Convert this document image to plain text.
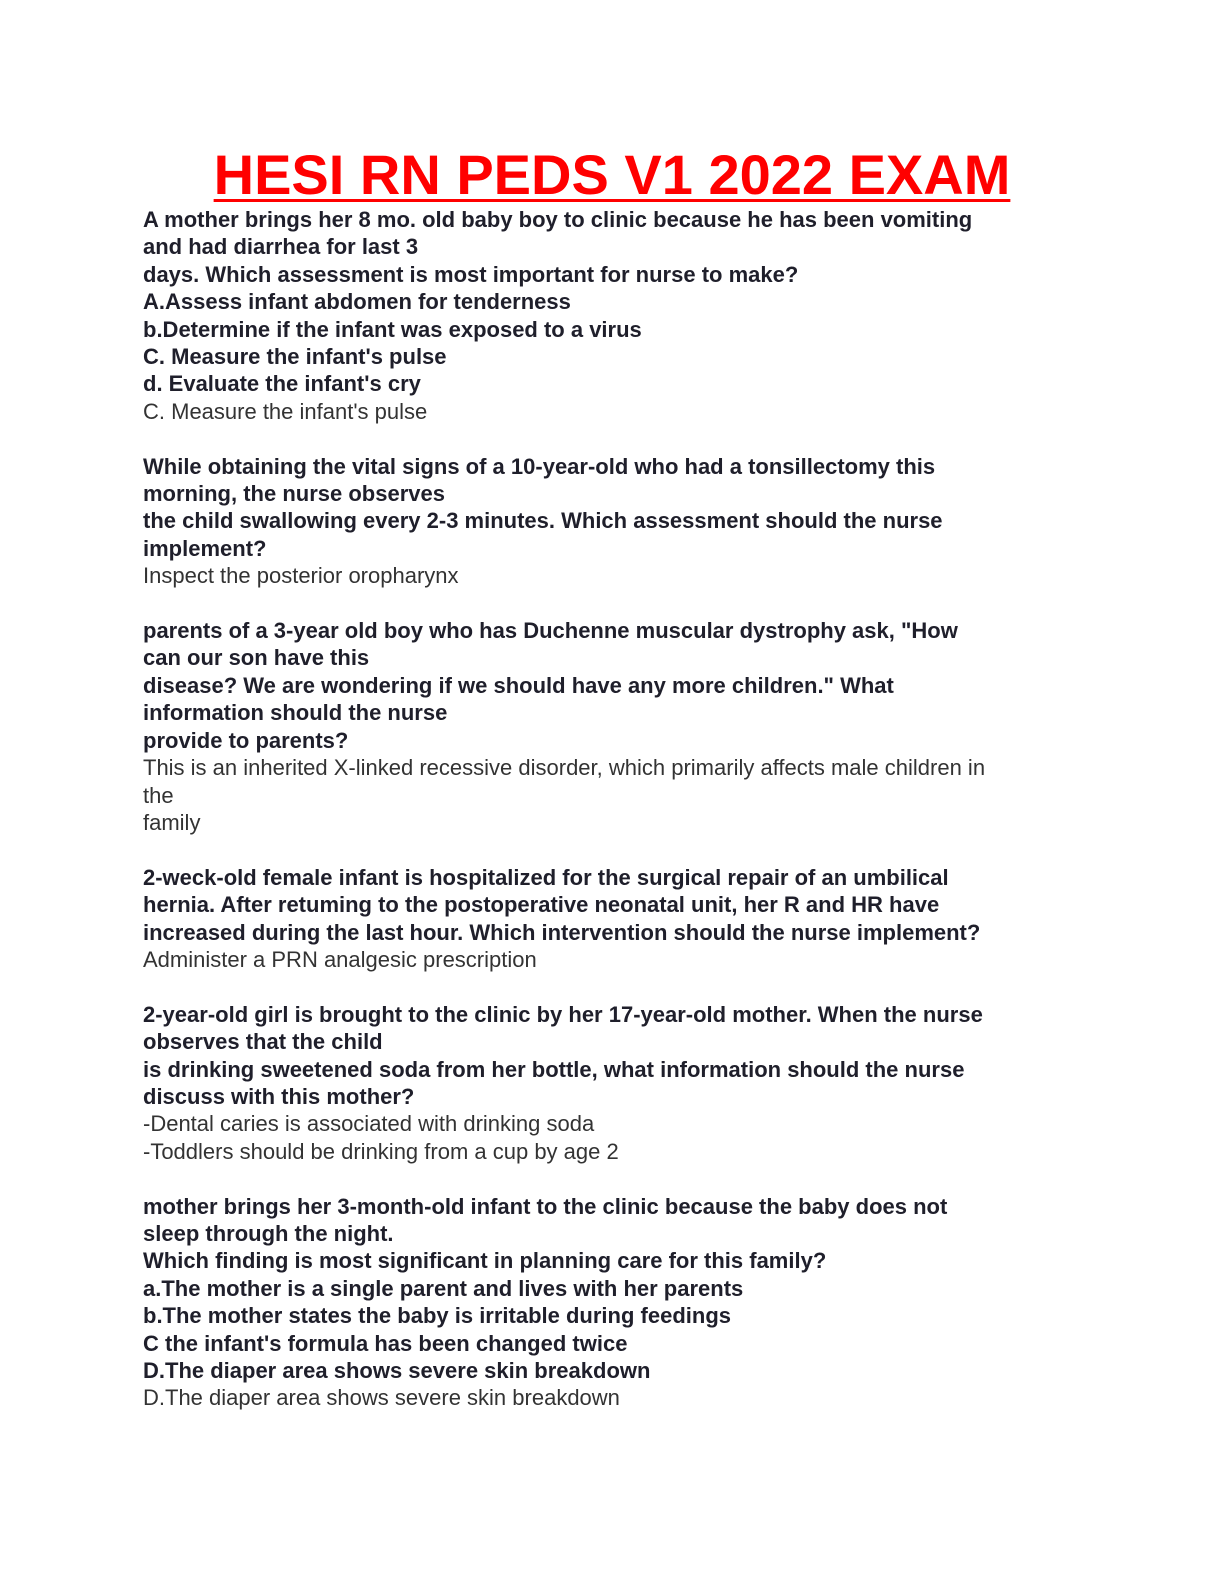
HESI RN PEDS V1 2022 EXAM
A mother brings her 8 mo. old baby boy to clinic because he has been vomiting
and had diarrhea for last 3
days. Which assessment is most important for nurse to make?
A.Assess infant abdomen for tenderness
b.Determine if the infant was exposed to a virus
C. Measure the infant's pulse
d. Evaluate the infant's cry
C. Measure the infant's pulse
While obtaining the vital signs of a 10-year-old who had a tonsillectomy this
morning, the nurse observes
the child swallowing every 2-3 minutes. Which assessment should the nurse
implement?
Inspect the posterior oropharynx
parents of a 3-year old boy who has Duchenne muscular dystrophy ask, "How
can our son have this
disease? We are wondering if we should have any more children." What
information should the nurse
provide to parents?
This is an inherited X-linked recessive disorder, which primarily affects male children in
the
family
2-weck-old female infant is hospitalized for the surgical repair of an umbilical
hernia. After retuming to the postoperative neonatal unit, her R and HR have
increased during the last hour. Which intervention should the nurse implement?
Administer a PRN analgesic prescription
2-year-old girl is brought to the clinic by her 17-year-old mother. When the nurse
observes that the child
is drinking sweetened soda from her bottle, what information should the nurse
discuss with this mother?
-Dental caries is associated with drinking soda
-Toddlers should be drinking from a cup by age 2
mother brings her 3-month-old infant to the clinic because the baby does not
sleep through the night.
Which finding is most significant in planning care for this family?
a.The mother is a single parent and lives with her parents
b.The mother states the baby is irritable during feedings
C the infant's formula has been changed twice
D.The diaper area shows severe skin breakdown
D.The diaper area shows severe skin breakdown
